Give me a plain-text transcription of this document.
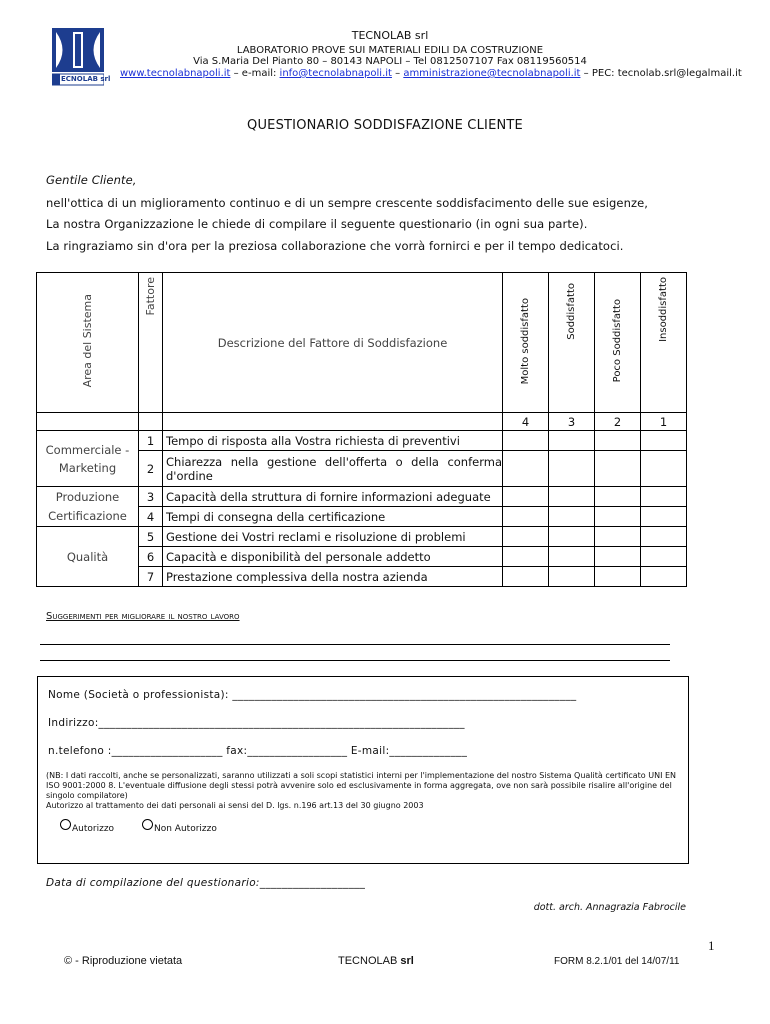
ECNOLAB srl
TECNOLAB srl
LABORATORIO PROVE SUI MATERIALI EDILI DA COSTRUZIONE
Via S.Maria Del Pianto 80 – 80143 NAPOLI – Tel 0812507107 Fax 08119560514
www.tecnolabnapoli.it – e-mail: info@tecnolabnapoli.it – amministrazione@tecnolabnapoli.it – PEC: tecnolab.srl@legalmail.it
QUESTIONARIO SODDISFAZIONE CLIENTE
Gentile Cliente,
nell'ottica di un miglioramento continuo e di un sempre crescente soddisfacimento delle sue esigenze,
La nostra Organizzazione le chiede di compilare il seguente questionario (in ogni sua parte).
La ringraziamo sin d'ora per la preziosa collaborazione che vorrà fornirci e per il tempo dedicatoci.
Area del Sistema	Fattore	Descrizione del Fattore di Soddisfazione	Molto soddisfatto	Soddisfatto	Poco Soddisfatto	Insoddisfatto
			4	3	2	1
Commerciale - Marketing	1	Tempo di risposta alla Vostra richiesta di preventivi				
	2	Chiarezza nella gestione dell'offerta o della conferma d'ordine				
Produzione	3	Capacità della struttura di fornire informazioni adeguate				
Certificazione	4	Tempi di consegna della certificazione				
Qualità	5	Gestione dei Vostri reclami e risoluzione di problemi				
	6	Capacità e disponibilità del personale addetto				
	7	Prestazione complessiva della nostra azienda				
Suggerimenti per migliorare il nostro lavoro
Nome (Società o professionista): ______________________________________________________________
Indirizzo:__________________________________________________________________
n.telefono :____________________ fax:__________________ E-mail:______________
(NB: I dati raccolti, anche se personalizzati, saranno utilizzati a soli scopi statistici interni per l'implementazione del nostro Sistema Qualità certificato UNI EN ISO 9001:2000 8. L'eventuale diffusione degli stessi potrà avvenire solo ed esclusivamente in forma aggregata, ove non sarà possibile risalire all'origine del singolo compilatore)
Autorizzo al trattamento dei dati personali ai sensi del D. lgs. n.196 art.13 del 30 giugno 2003
Autorizzo	Non Autorizzo
Data di compilazione del questionario:___________________
dott. arch. Annagrazia Fabrocile
1
© - Riproduzione vietata	TECNOLAB srl	FORM 8.2.1/01 del 14/07/11
